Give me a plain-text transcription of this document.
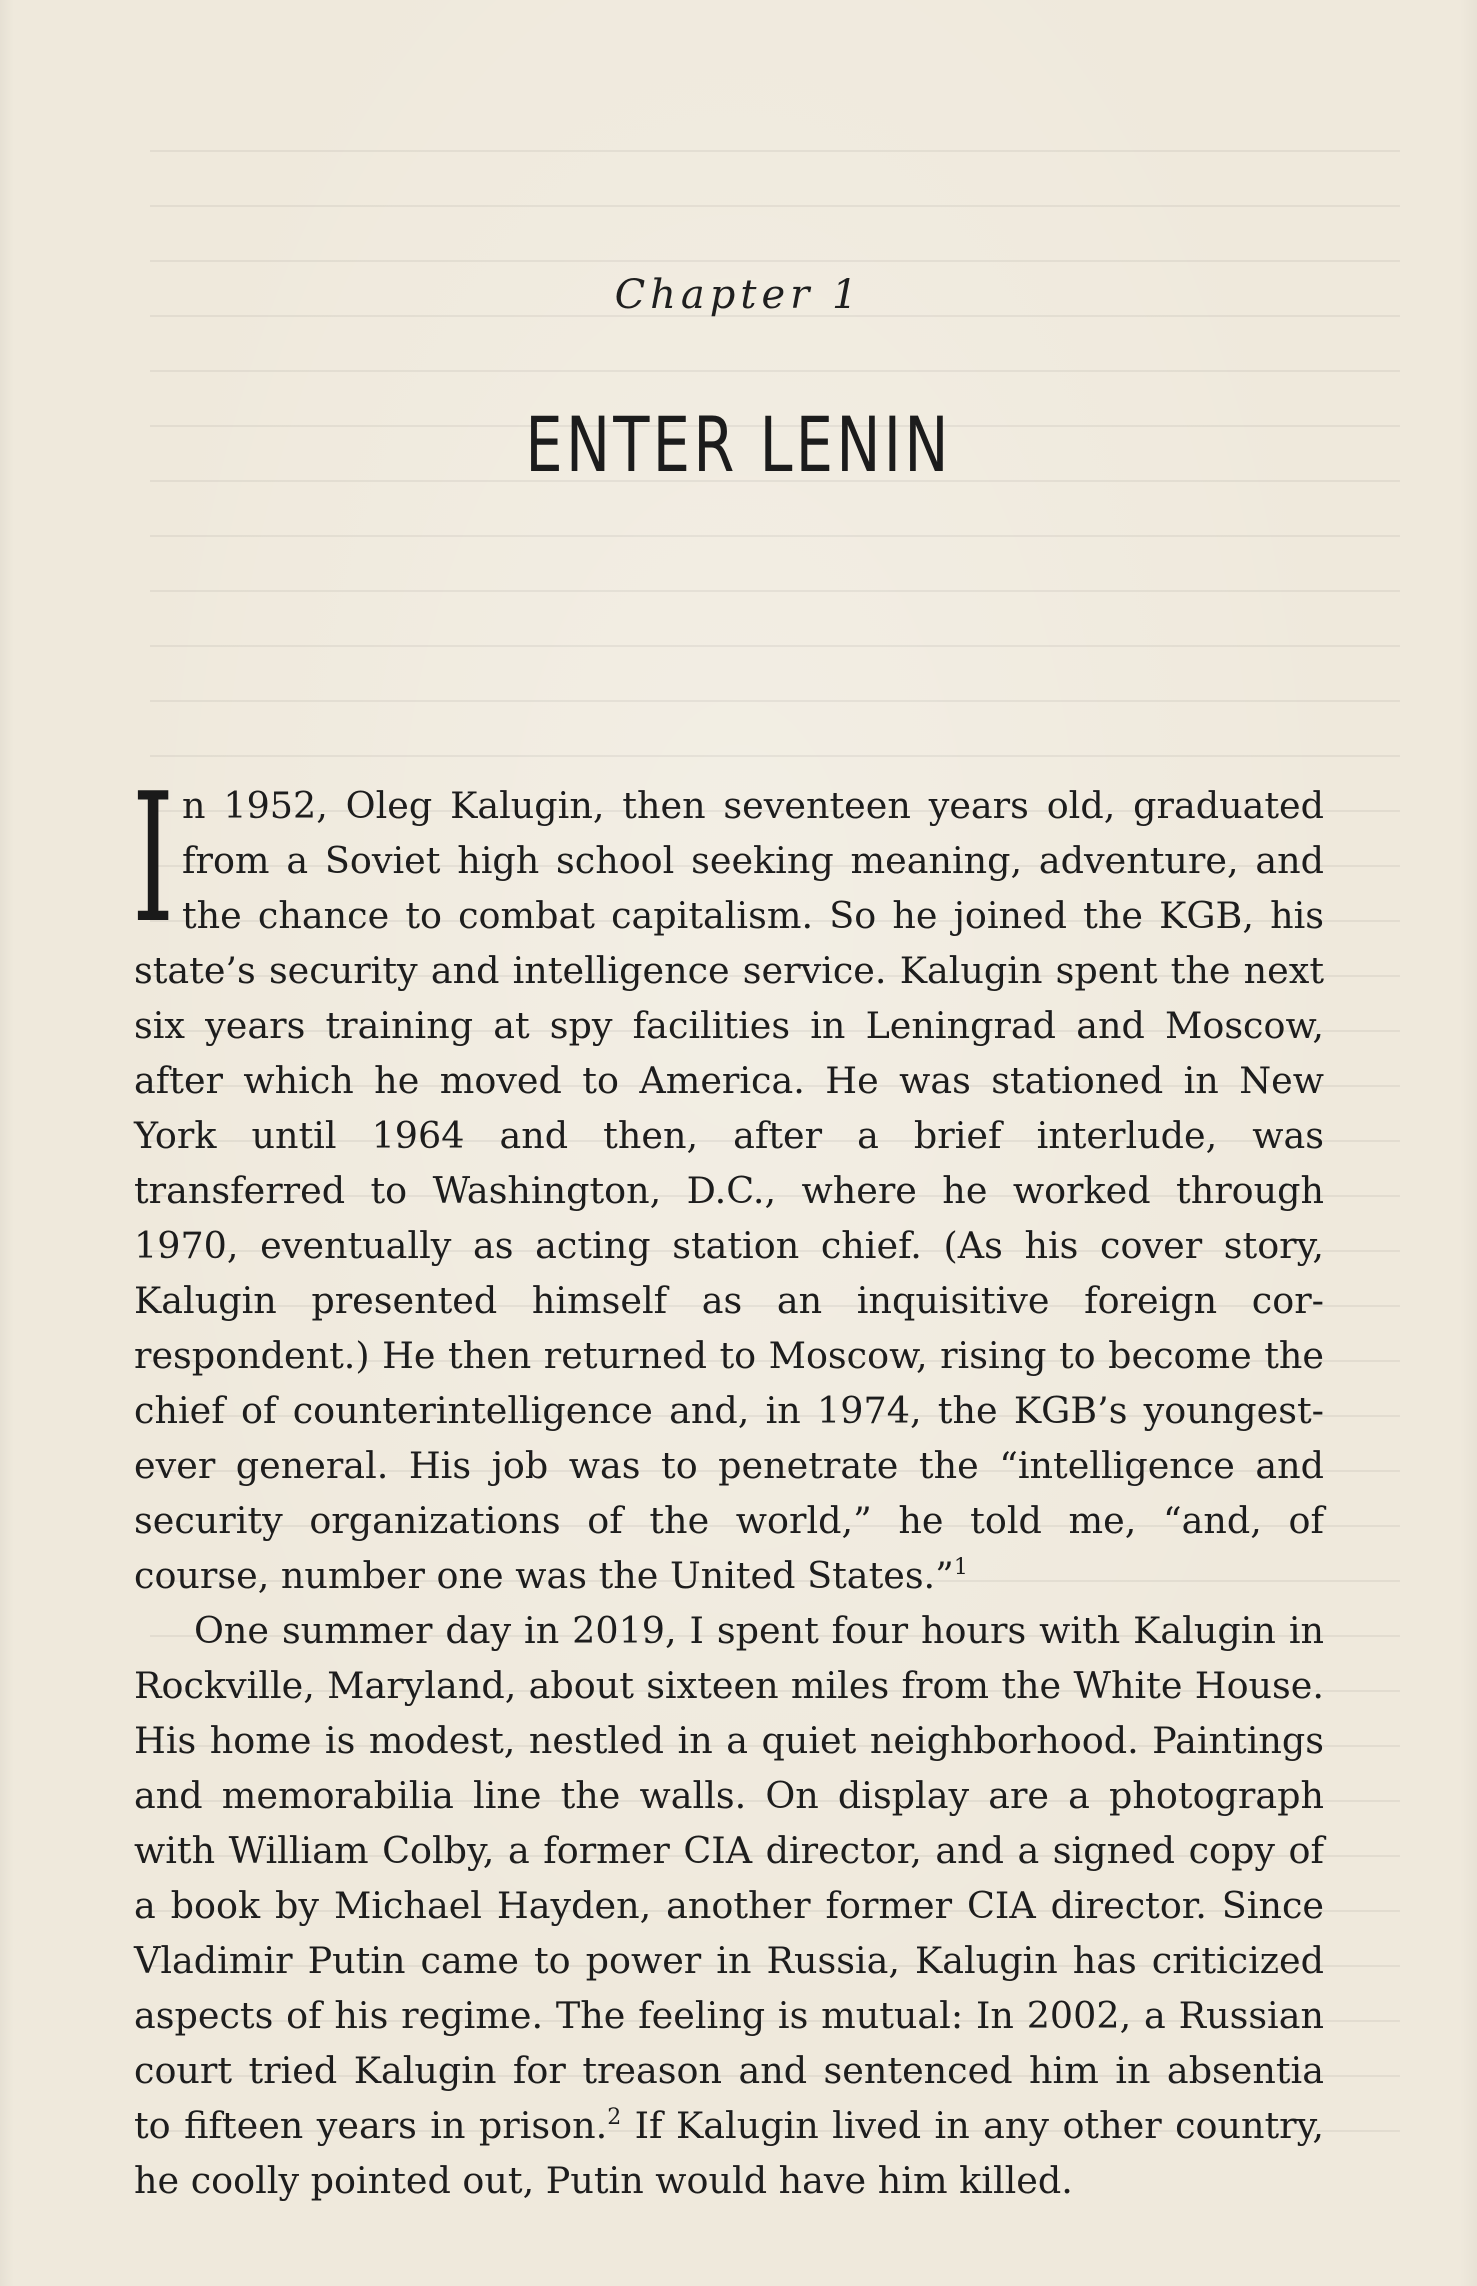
Chapter 1
ENTER LENIN

In 1952, Oleg Kalugin, then seventeen years old, graduated from a Soviet high school seeking meaning, adventure, and the chance to combat capitalism. So he joined the KGB, his state’s security and intelligence service. Kalugin spent the next six years training at spy facilities in Leningrad and Moscow, after which he moved to America. He was stationed in New York until 1964 and then, after a brief interlude, was transferred to Washington, D.C., where he worked through 1970, eventually as acting station chief. (As his cover story, Kalugin presented himself as an inquisitive foreign correspondent.) He then returned to Moscow, rising to become the chief of counterintelligence and, in 1974, the KGB’s youngest-ever general. His job was to penetrate the “intelligence and security organizations of the world,” he told me, “and, of course, number one was the United States.”$^1$

One summer day in 2019, I spent four hours with Kalugin in Rockville, Maryland, about sixteen miles from the White House. His home is modest, nestled in a quiet neighborhood. Paintings and memorabilia line the walls. On display are a photograph with William Colby, a former CIA director, and a signed copy of a book by Michael Hayden, another former CIA director. Since Vladimir Putin came to power in Russia, Kalugin has criticized aspects of his regime. The feeling is mutual: In 2002, a Russian court tried Kalugin for treason and sentenced him in absentia to fifteen years in prison.$^2$ If Kalugin lived in any other country, he coolly pointed out, Putin would have him killed.
